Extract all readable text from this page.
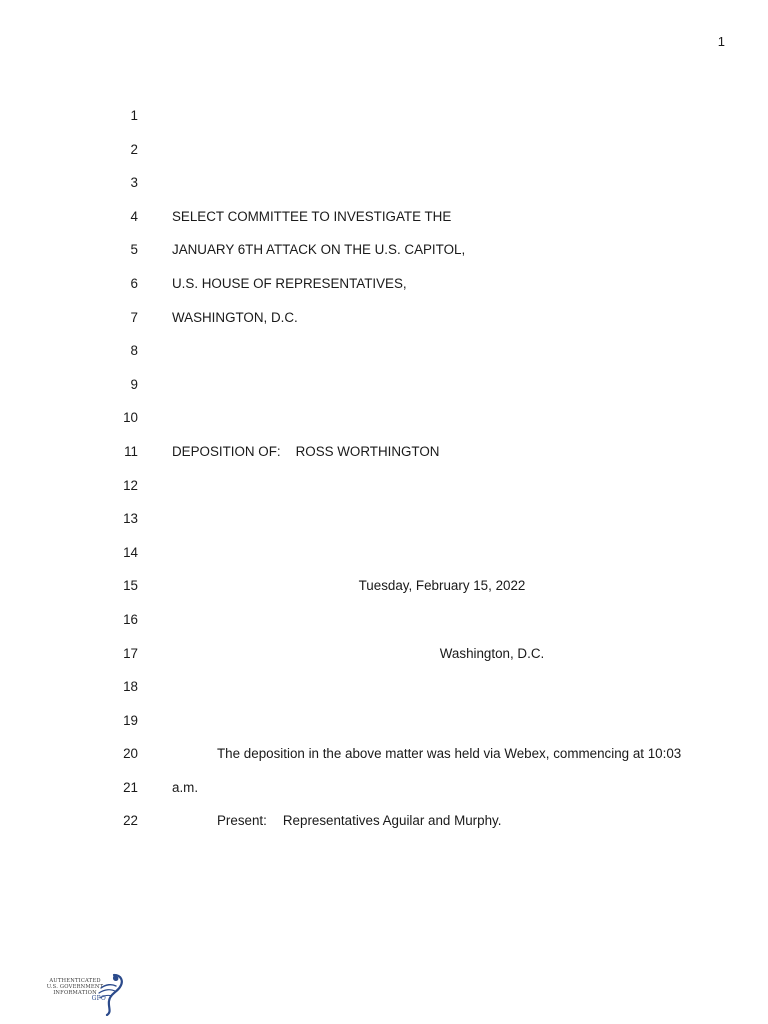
1
1
2
3
4	SELECT COMMITTEE TO INVESTIGATE THE
5	JANUARY 6TH ATTACK ON THE U.S. CAPITOL,
6	U.S. HOUSE OF REPRESENTATIVES,
7	WASHINGTON, D.C.
8
9
10
11	DEPOSITION OF: ROSS WORTHINGTON
12
13
14
15	Tuesday, February 15, 2022
16
17	Washington, D.C.
18
19
20	The deposition in the above matter was held via Webex, commencing at 10:03
21	a.m.
22	Present: Representatives Aguilar and Murphy.
AUTHENTICATED
U.S. GOVERNMENT
INFORMATION
GPO
